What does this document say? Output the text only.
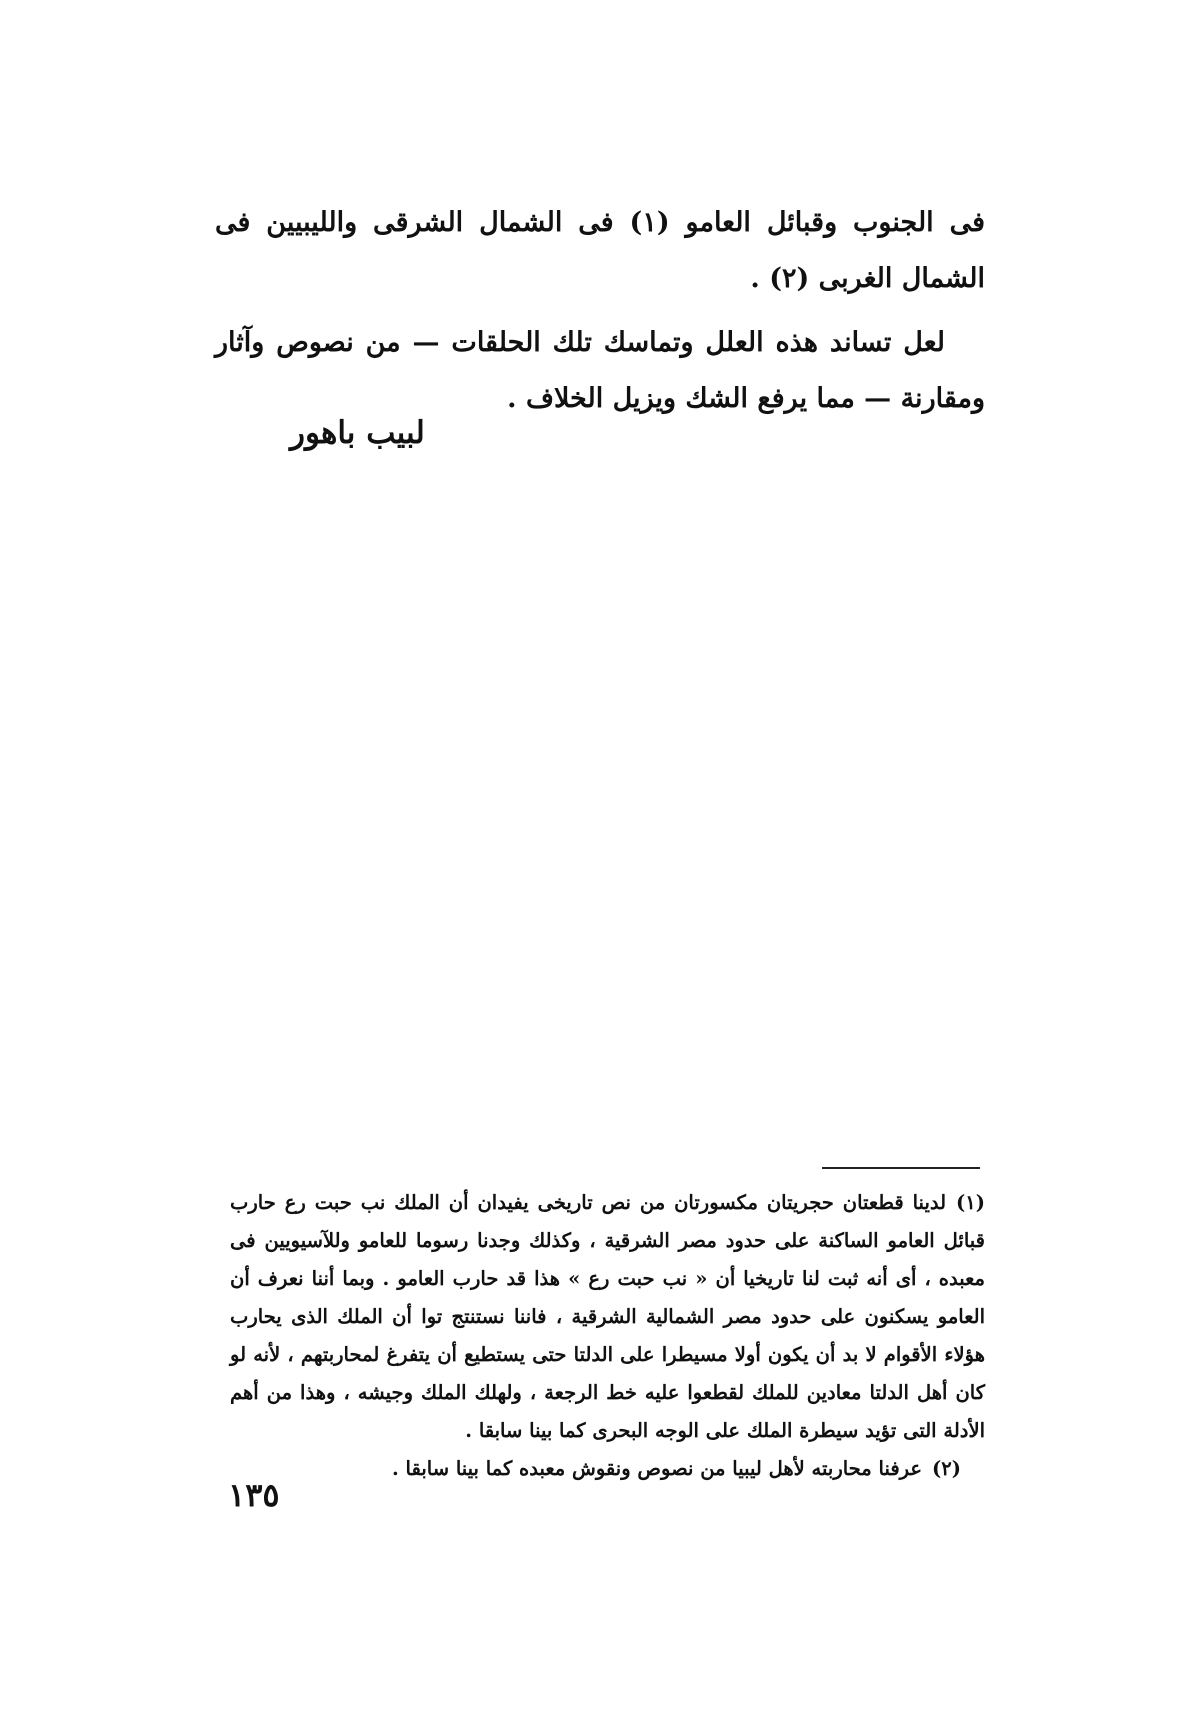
فى الجنوب وقبائل العامو (١) فى الشمال الشرقى والليبيين فى الشمال الغربى (٢) .

لعل تساند هذه العلل وتماسك تلك الحلقات — من نصوص وآثار ومقارنة — مما يرفع الشك ويزيل الخلاف .

لبيب باهور

(١)لدينا قطعتان حجريتان مكسورتان من نص تاريخى يفيدان أن الملك نب حبت رع حارب قبائل العامو الساكنة على حدود مصر الشرقية ، وكذلك وجدنا رسوما للعامو وللآسيويين فى معبده ، أى أنه ثبت لنا تاريخيا أن « نب حبت رع » هذا قد حارب العامو . وبما أننا نعرف أن العامو يسكنون على حدود مصر الشمالية الشرقية ، فاننا نستنتج توا أن الملك الذى يحارب هؤلاء الأقوام لا بد أن يكون أولا مسيطرا على الدلتا حتى يستطيع أن يتفرغ لمحاربتهم ، لأنه لو كان أهل الدلتا معادين للملك لقطعوا عليه خط الرجعة ، ولهلك الملك وجيشه ، وهذا من أهم الأدلة التى تؤيد سيطرة الملك على الوجه البحرى كما بينا سابقا .

(٢)عرفنا محاربته لأهل ليبيا من نصوص ونقوش معبده كما بينا سابقا .

١٣٥
